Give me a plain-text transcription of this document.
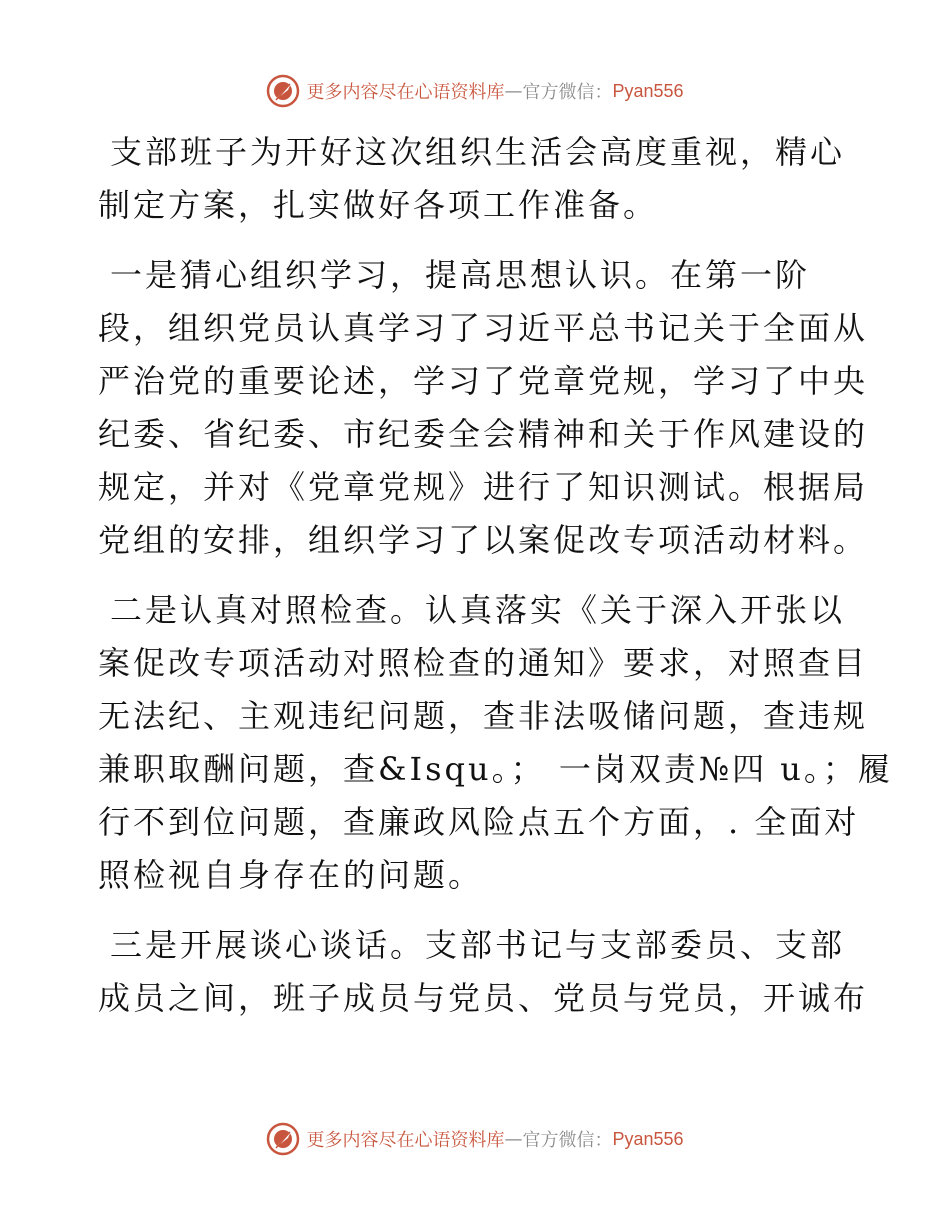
更多内容尽在心语资料库 — 官方微信： Pyan556
支部班子为开好这次组织生活会高度重视，精心
制定方案，扎实做好各项工作准备。
一是猜心组织学习，提高思想认识。在第一阶
段，组织党员认真学习了习近平总书记关于全面从
严治党的重要论述，学习了党章党规，学习了中央
纪委、省纪委、市纪委全会精神和关于作风建设的
规定，并对《党章党规》进行了知识测试。根据局
党组的安排，组织学习了以案促改专项活动材料。
二是认真对照检查。认真落实《关于深入开张以
案促改专项活动对照检查的通知》要求，对照查目
无法纪、主观违纪问题，查非法吸储问题，查违规
兼职取酬问题，查&Isqu。； 一岗双责№四 u。；履
行不到位问题，查廉政风险点五个方面，. 全面对
照检视自身存在的问题。
三是开展谈心谈话。支部书记与支部委员、支部
成员之间，班子成员与党员、党员与党员，开诚布
更多内容尽在心语资料库 — 官方微信： Pyan556
